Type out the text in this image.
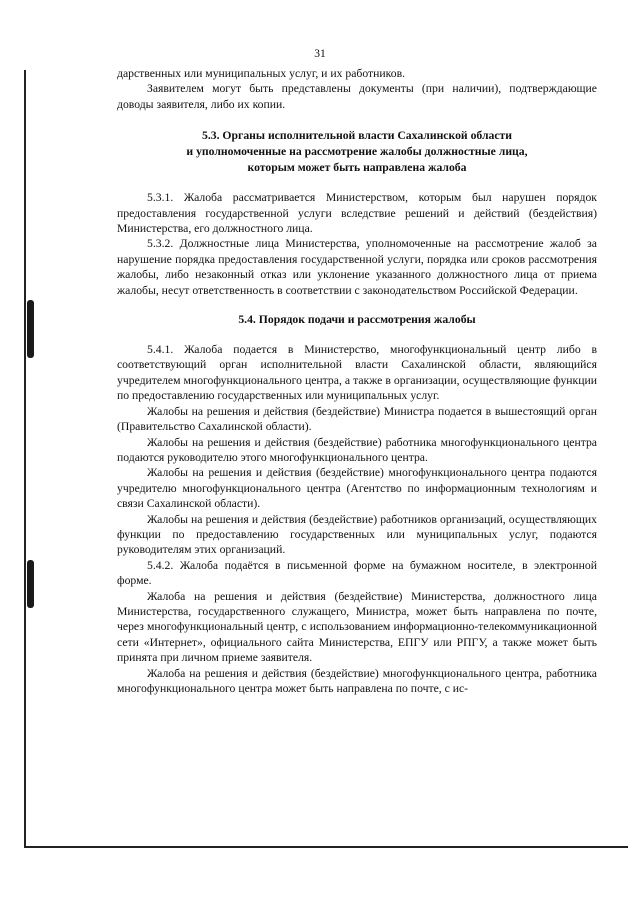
31

дарственных или муниципальных услуг, и их работников.

Заявителем могут быть представлены документы (при наличии), подтверждающие доводы заявителя, либо их копии.

5.3. Органы исполнительной власти Сахалинской области
и уполномоченные на рассмотрение жалобы должностные лица,
которым может быть направлена жалоба

5.3.1. Жалоба рассматривается Министерством, которым был нарушен порядок предоставления государственной услуги вследствие решений и действий (бездействия) Министерства, его должностного лица.

5.3.2. Должностные лица Министерства, уполномоченные на рассмотрение жалоб за нарушение порядка предоставления государственной услуги, порядка или сроков рассмотрения жалобы, либо незаконный отказ или уклонение указанного должностного лица от приема жалобы, несут ответственность в соответствии с законодательством Российской Федерации.

5.4. Порядок подачи и рассмотрения жалобы

5.4.1. Жалоба подается в Министерство, многофункциональный центр либо в соответствующий орган исполнительной власти Сахалинской области, являющийся учредителем многофункционального центра, а также в организации, осуществляющие функции по предоставлению государственных или муниципальных услуг.

Жалобы на решения и действия (бездействие) Министра подается в вышестоящий орган (Правительство Сахалинской области).

Жалобы на решения и действия (бездействие) работника многофункционального центра подаются руководителю этого многофункционального центра.

Жалобы на решения и действия (бездействие) многофункционального центра подаются учредителю многофункционального центра (Агентство по информационным технологиям и связи Сахалинской области).

Жалобы на решения и действия (бездействие) работников организаций, осуществляющих функции по предоставлению государственных или муниципальных услуг, подаются руководителям этих организаций.

5.4.2. Жалоба подаётся в письменной форме на бумажном носителе, в электронной форме.

Жалоба на решения и действия (бездействие) Министерства, должностного лица Министерства, государственного служащего, Министра, может быть направлена по почте, через многофункциональный центр, с использованием информационно-телекоммуникационной сети «Интернет», официального сайта Министерства, ЕПГУ или РПГУ, а также может быть принята при личном приеме заявителя.

Жалоба на решения и действия (бездействие) многофункционального центра, работника многофункционального центра может быть направлена по почте, с ис-
